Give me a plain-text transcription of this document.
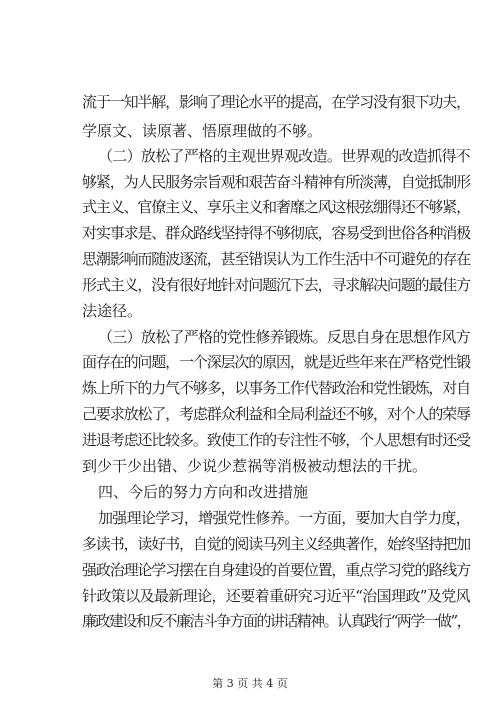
流于一知半解，影响了理论水平的提高，在学习没有狠下功夫，
学原文、读原著、悟原理做的不够。
（二）放松了严格的主观世界观改造。世界观的改造抓得不
够紧，为人民服务宗旨观和艰苦奋斗精神有所淡薄，自觉抵制形
式主义、官僚主义、享乐主义和奢靡之风这根弦绷得还不够紧，
对实事求是、群众路线坚持得不够彻底，容易受到世俗各种消极
思潮影响而随波逐流，甚至错误认为工作生活中不可避免的存在
形式主义，没有很好地针对问题沉下去，寻求解决问题的最佳方
法途径。
（三）放松了严格的党性修养锻炼。反思自身在思想作风方
面存在的问题，一个深层次的原因，就是近些年来在严格党性锻
炼上所下的力气不够多，以事务工作代替政治和党性锻炼，对自
己要求放松了，考虑群众利益和全局利益还不够，对个人的荣辱
进退考虑还比较多。致使工作的专注性不够，个人思想有时还受
到少干少出错、少说少惹祸等消极被动想法的干扰。
四、今后的努力方向和改进措施
加强理论学习，增强党性修养。一方面，要加大自学力度，
多读书，读好书，自觉的阅读马列主义经典著作，始终坚持把加
强政治理论学习摆在自身建设的首要位置，重点学习党的路线方
针政策以及最新理论，还要着重研究习近平“治国理政”及党风
廉政建设和反不廉洁斗争方面的讲话精神。认真践行“两学一做”，
第 3 页 共 4 页
